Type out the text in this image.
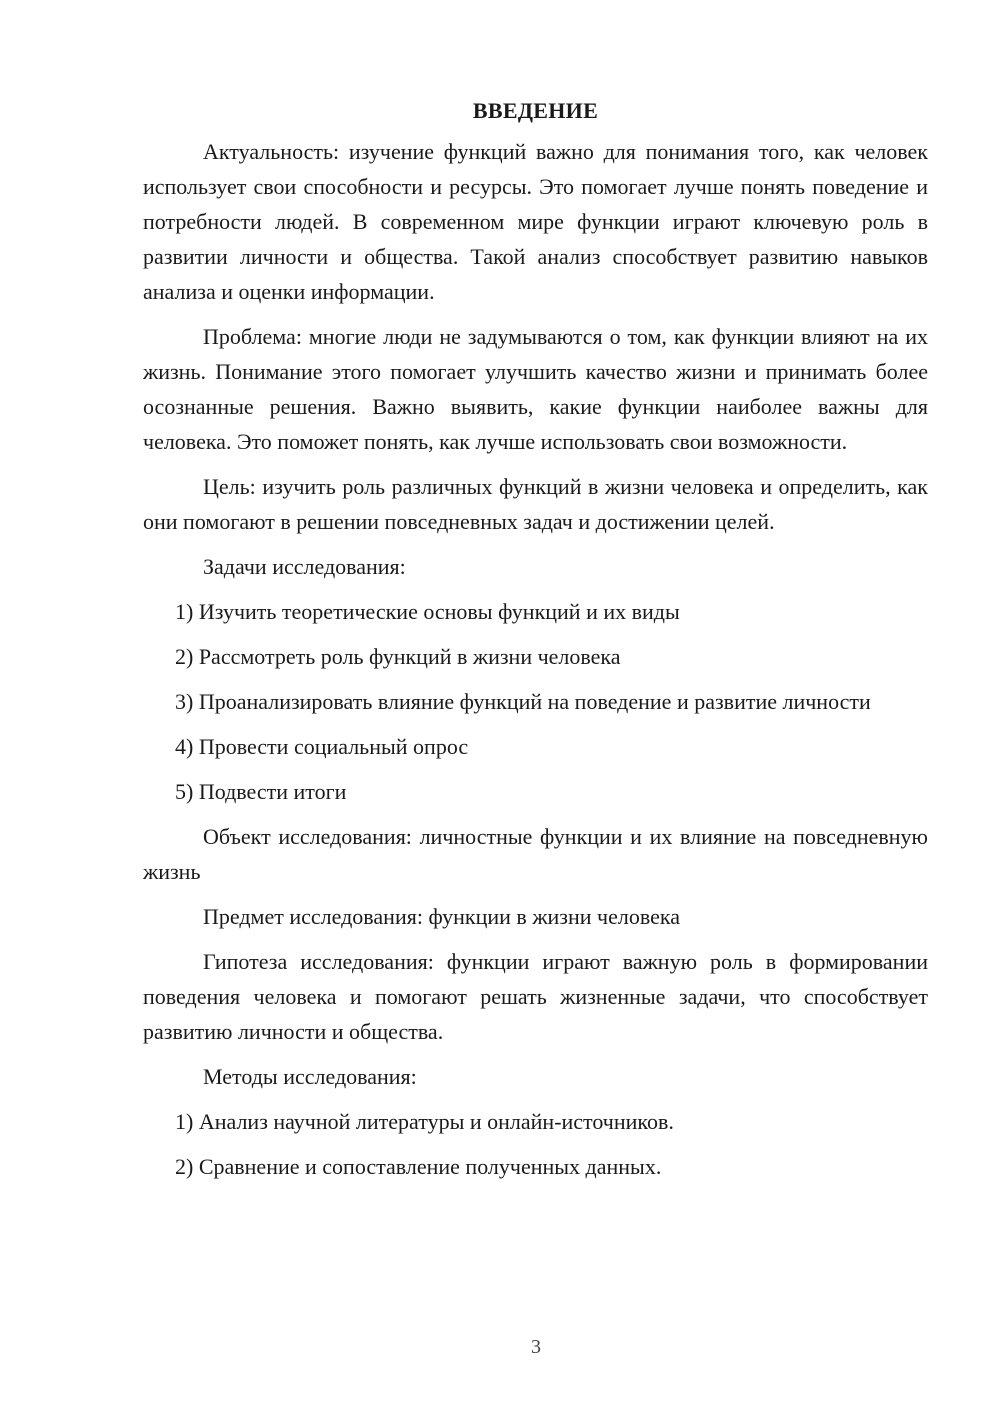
ВВЕДЕНИЕ

Актуальность: изучение функций важно для понимания того, как человек использует свои способности и ресурсы. Это помогает лучше понять поведение и потребности людей. В современном мире функции играют ключевую роль в развитии личности и общества. Такой анализ способствует развитию навыков анализа и оценки информации.

Проблема: многие люди не задумываются о том, как функции влияют на их жизнь. Понимание этого помогает улучшить качество жизни и принимать более осознанные решения. Важно выявить, какие функции наиболее важны для человека. Это поможет понять, как лучше использовать свои возможности.

Цель: изучить роль различных функций в жизни человека и определить, как они помогают в решении повседневных задач и достижении целей.

Задачи исследования:

1) Изучить теоретические основы функций и их виды

2) Рассмотреть роль функций в жизни человека

3) Проанализировать влияние функций на поведение и развитие личности

4) Провести социальный опрос

5) Подвести итоги

Объект исследования: личностные функции и их влияние на повседневную жизнь

Предмет исследования: функции в жизни человека

Гипотеза исследования: функции играют важную роль в формировании поведения человека и помогают решать жизненные задачи, что способствует развитию личности и общества.

Методы исследования:

1) Анализ научной литературы и онлайн-источников.

2) Сравнение и сопоставление полученных данных.

3
